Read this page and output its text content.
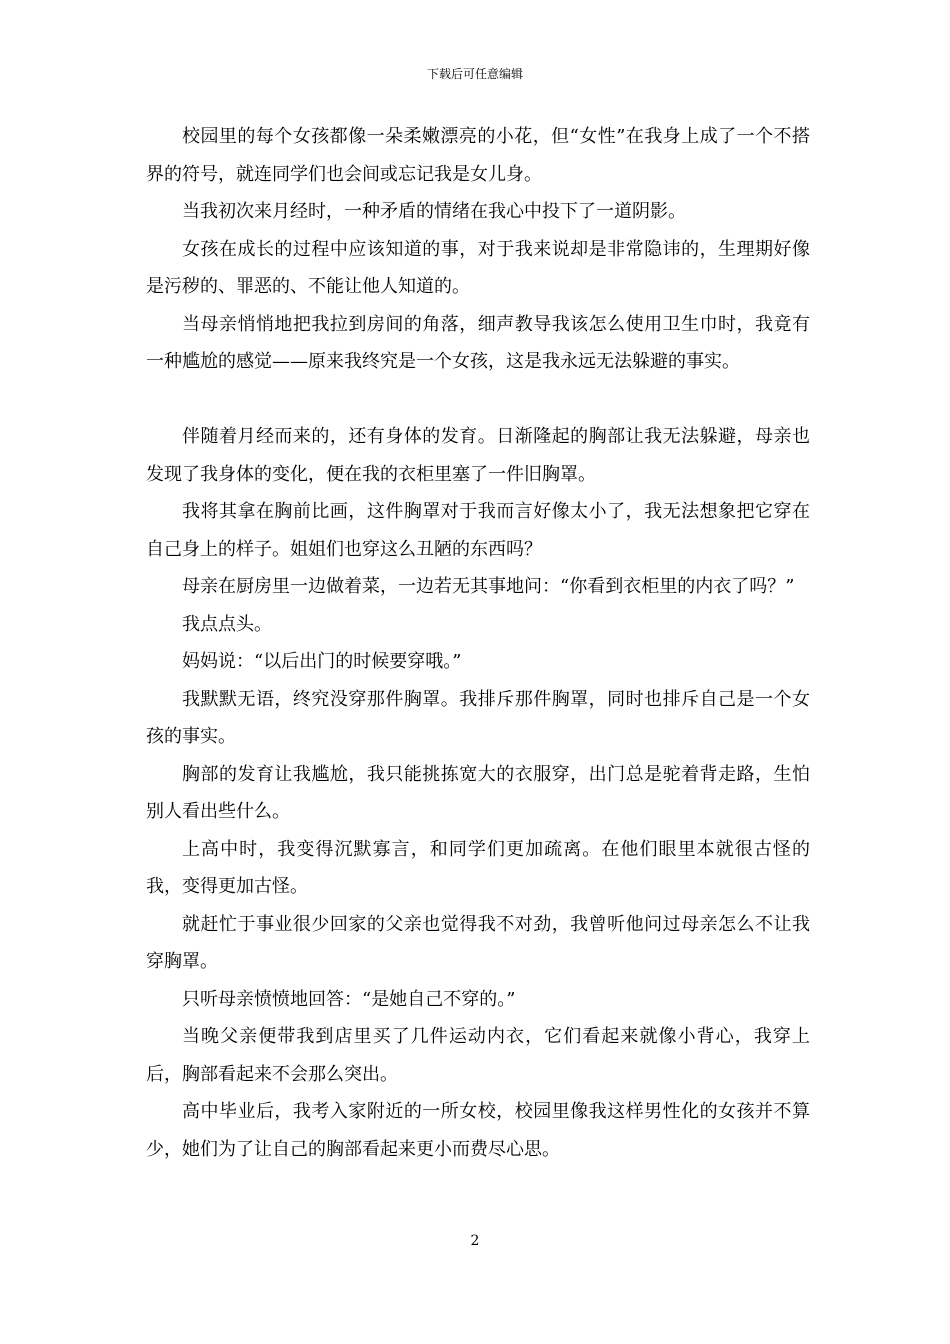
下载后可任意编辑

校园里的每个女孩都像一朵柔嫩漂亮的小花，但“女性”在我身上成了一个不搭界的符号，就连同学们也会间或忘记我是女儿身。

当我初次来月经时，一种矛盾的情绪在我心中投下了一道阴影。

女孩在成长的过程中应该知道的事，对于我来说却是非常隐讳的，生理期好像是污秽的、罪恶的、不能让他人知道的。

当母亲悄悄地把我拉到房间的角落，细声教导我该怎么使用卫生巾时，我竟有一种尴尬的感觉——原来我终究是一个女孩，这是我永远无法躲避的事实。

伴随着月经而来的，还有身体的发育。日渐隆起的胸部让我无法躲避，母亲也发现了我身体的变化，便在我的衣柜里塞了一件旧胸罩。

我将其拿在胸前比画，这件胸罩对于我而言好像太小了，我无法想象把它穿在自己身上的样子。姐姐们也穿这么丑陋的东西吗？

母亲在厨房里一边做着菜，一边若无其事地问：“你看到衣柜里的内衣了吗？”

我点点头。

妈妈说：“以后出门的时候要穿哦。”

我默默无语，终究没穿那件胸罩。我排斥那件胸罩，同时也排斥自己是一个女孩的事实。

胸部的发育让我尴尬，我只能挑拣宽大的衣服穿，出门总是驼着背走路，生怕别人看出些什么。

上高中时，我变得沉默寡言，和同学们更加疏离。在他们眼里本就很古怪的我，变得更加古怪。

就赶忙于事业很少回家的父亲也觉得我不对劲，我曾听他问过母亲怎么不让我穿胸罩。

只听母亲愤愤地回答：“是她自己不穿的。”

当晚父亲便带我到店里买了几件运动内衣，它们看起来就像小背心，我穿上后，胸部看起来不会那么突出。

高中毕业后，我考入家附近的一所女校，校园里像我这样男性化的女孩并不算少，她们为了让自己的胸部看起来更小而费尽心思。

2
